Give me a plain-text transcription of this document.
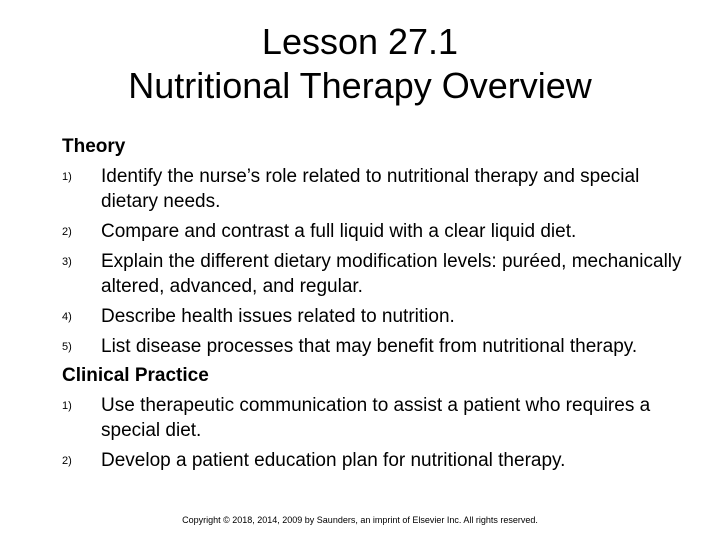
Lesson 27.1
Nutritional Therapy Overview
Theory
1) Identify the nurse’s role related to nutritional therapy and special dietary needs.
2) Compare and contrast a full liquid with a clear liquid diet.
3) Explain the different dietary modification levels: puréed, mechanically altered, advanced, and regular.
4) Describe health issues related to nutrition.
5) List disease processes that may benefit from nutritional therapy.
Clinical Practice
1) Use therapeutic communication to assist a patient who requires a special diet.
2) Develop a patient education plan for nutritional therapy.
Copyright © 2018, 2014, 2009 by Saunders, an imprint of Elsevier Inc. All rights reserved.
